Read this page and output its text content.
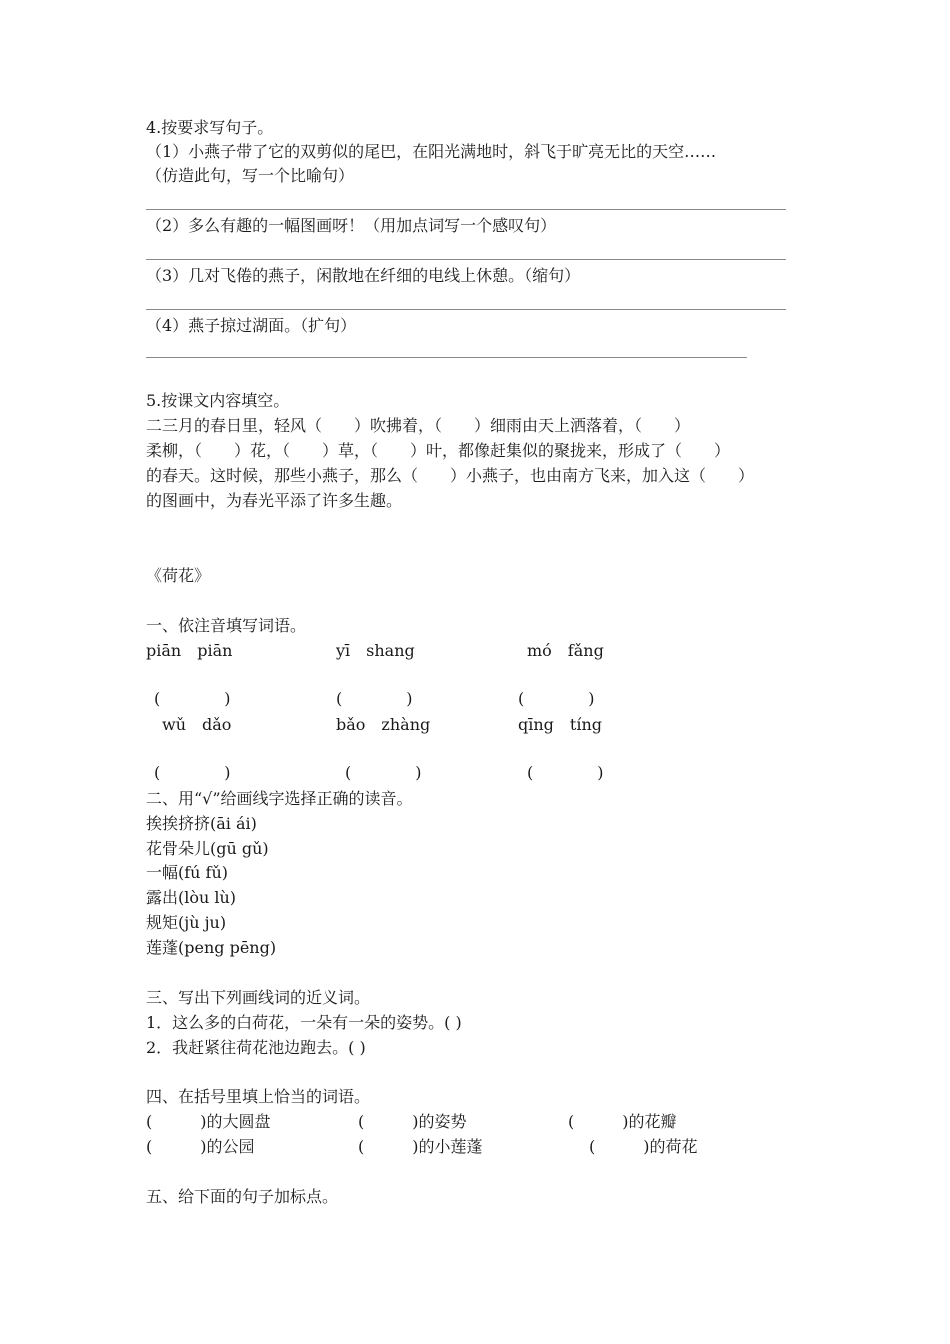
4.按要求写句子。
（1）小燕子带了它的双剪似的尾巴，在阳光满地时，斜飞于旷亮无比的天空……
（仿造此句，写一个比喻句）
（2）多么有趣的一幅图画呀！（用加点词写一个感叹句）
（3）几对飞倦的燕子，闲散地在纤细的电线上休憩。（缩句）
（4）燕子掠过湖面。（扩句）
5.按课文内容填空。
二三月的春日里，轻风（　　）吹拂着，（　　）细雨由天上洒落着，（　　）
柔柳，（　　）花，（　　）草，（　　）叶，都像赶集似的聚拢来，形成了（　　）
的春天。这时候，那些小燕子，那么（　　）小燕子，也由南方飞来，加入这（　　）
的图画中，为春光平添了许多生趣。
《荷花》
一、依注音填写词语。
piān　piān	yī　shang	mó　fǎng
(　　　　)	(　　　　)	(　　　　)
wǔ　dǎo	bǎo　zhàng	qīng　tíng
(　　　　)	(　　　　)	(　　　　)
二、用“√”给画线字选择正确的读音。
挨挨挤挤(āi ái)
花骨朵儿(gū gǔ)
一幅(fú fǔ)
露出(lòu lù)
规矩(jù ju)
莲蓬(peng pēng)
三、写出下列画线词的近义词。
1．这么多的白荷花，一朵有一朵的姿势。( )
2．我赶紧往荷花池边跑去。( )
四、在括号里填上恰当的词语。
(　　　)的大圆盘	(　　　)的姿势	(　　　)的花瓣
(　　　)的公园	(　　　)的小莲蓬	(　　　)的荷花
五、给下面的句子加标点。
